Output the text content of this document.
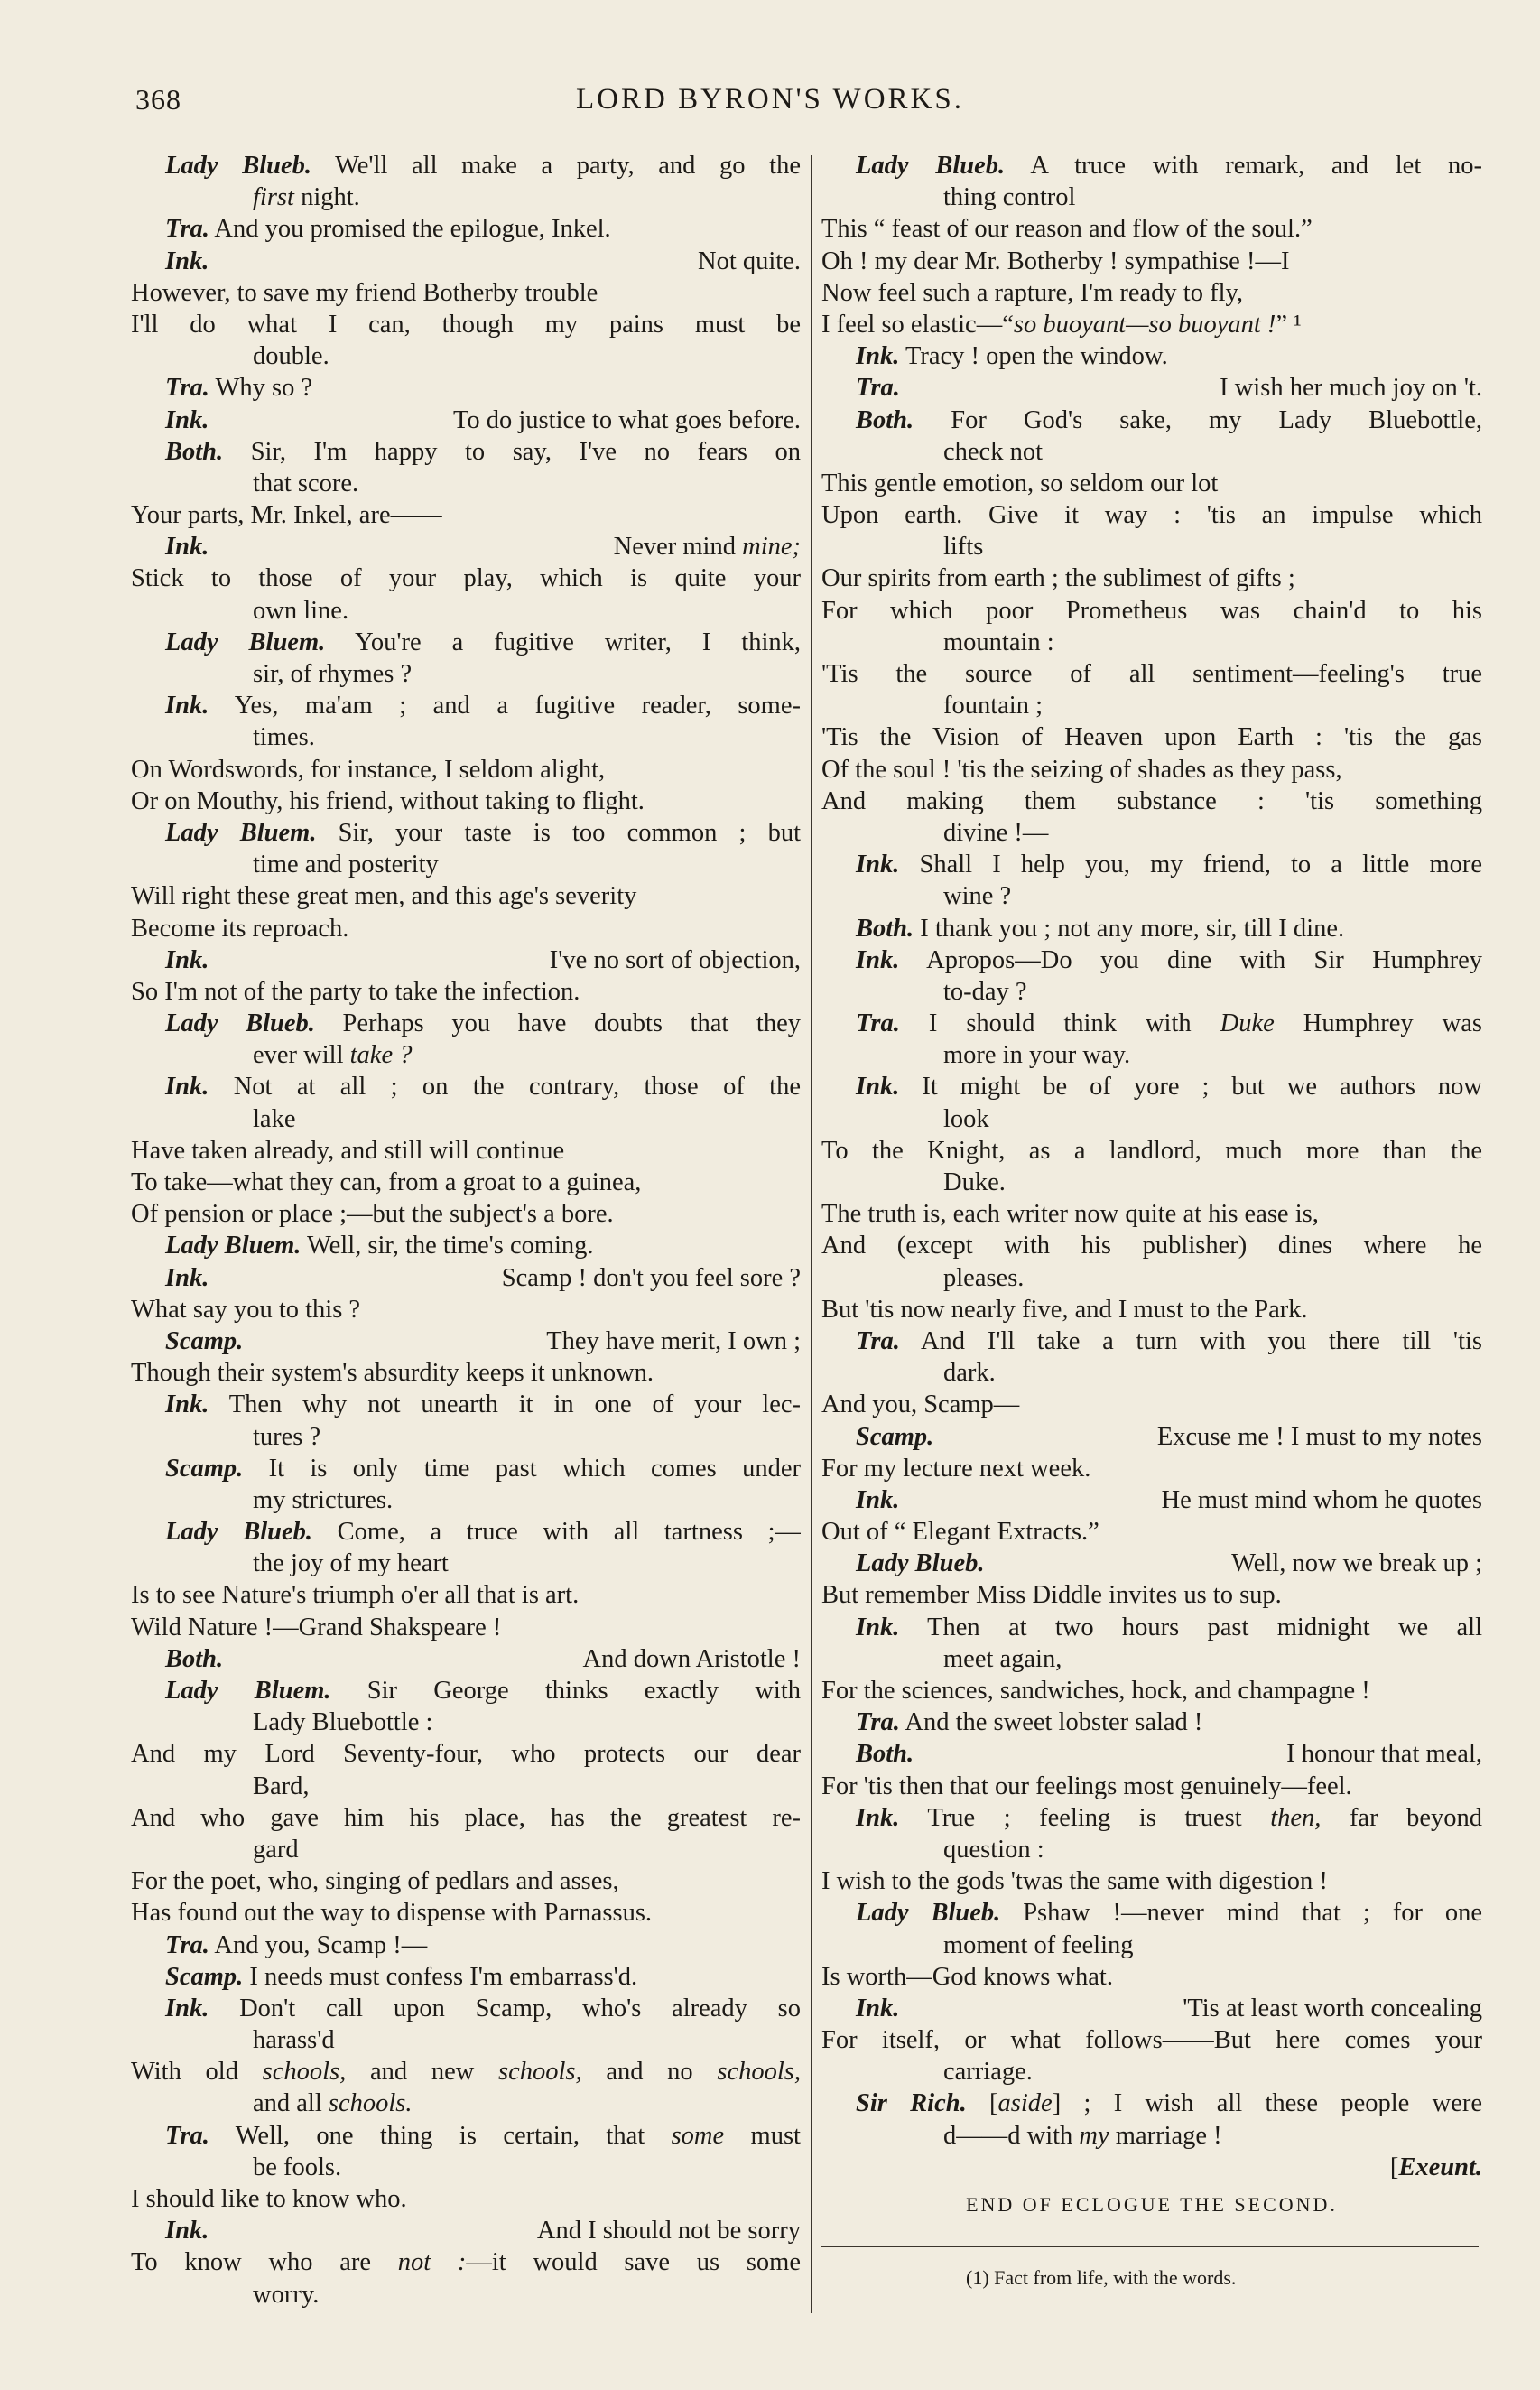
368	LORD BYRON'S WORKS.
Lady Blueb. We'll all make a party, and go the
first night.
Tra. And you promised the epilogue, Inkel.
Not quite.
Ink.
However, to save my friend Botherby trouble
I'll do what I can, though my pains must be
double.
Tra. Why so ?
To do justice to what goes before.
Ink.
Both. Sir, I'm happy to say, I've no fears on
that score.
Your parts, Mr. Inkel, are——
Never mind mine;
Ink.
Stick to those of your play, which is quite your
own line.
Lady Bluem. You're a fugitive writer, I think,
sir, of rhymes ?
Ink. Yes, ma'am ; and a fugitive reader, some-
times.
On Wordswords, for instance, I seldom alight,
Or on Mouthy, his friend, without taking to flight.
Lady Bluem. Sir, your taste is too common ; but
time and posterity
Will right these great men, and this age's severity
Become its reproach.
I've no sort of objection,
Ink.
So I'm not of the party to take the infection.
Lady Blueb. Perhaps you have doubts that they
ever will take ?
Ink. Not at all ; on the contrary, those of the
lake
Have taken already, and still will continue
To take—what they can, from a groat to a guinea,
Of pension or place ;—but the subject's a bore.
Lady Bluem. Well, sir, the time's coming.
Scamp ! don't you feel sore ?
Ink.
What say you to this ?
They have merit, I own ;
Scamp.
Though their system's absurdity keeps it unknown.
Ink. Then why not unearth it in one of your lec-
tures ?
Scamp. It is only time past which comes under
my strictures.
Lady Blueb. Come, a truce with all tartness ;—
the joy of my heart
Is to see Nature's triumph o'er all that is art.
Wild Nature !—Grand Shakspeare !
And down Aristotle !
Both.
Lady Bluem. Sir George thinks exactly with
Lady Bluebottle :
And my Lord Seventy-four, who protects our dear
Bard,
And who gave him his place, has the greatest re-
gard
For the poet, who, singing of pedlars and asses,
Has found out the way to dispense with Parnassus.
Tra. And you, Scamp !—
Scamp. I needs must confess I'm embarrass'd.
Ink. Don't call upon Scamp, who's already so
harass'd
With old schools, and new schools, and no schools,
and all schools.
Tra. Well, one thing is certain, that some must
be fools.
I should like to know who.
And I should not be sorry
Ink.
To know who are not :—it would save us some
worry.
Lady Blueb. A truce with remark, and let no-
thing control
This “ feast of our reason and flow of the soul.”
Oh ! my dear Mr. Botherby ! sympathise !—I
Now feel such a rapture, I'm ready to fly,
I feel so elastic—“so buoyant—so buoyant !” ¹
Ink. Tracy ! open the window.
I wish her much joy on 't.
Tra.
Both. For God's sake, my Lady Bluebottle,
check not
This gentle emotion, so seldom our lot
Upon earth. Give it way : 'tis an impulse which
lifts
Our spirits from earth ; the sublimest of gifts ;
For which poor Prometheus was chain'd to his
mountain :
'Tis the source of all sentiment—feeling's true
fountain ;
'Tis the Vision of Heaven upon Earth : 'tis the gas
Of the soul ! 'tis the seizing of shades as they pass,
And making them substance : 'tis something
divine !—
Ink. Shall I help you, my friend, to a little more
wine ?
Both. I thank you ; not any more, sir, till I dine.
Ink. Apropos—Do you dine with Sir Humphrey
to-day ?
Tra. I should think with Duke Humphrey was
more in your way.
Ink. It might be of yore ; but we authors now
look
To the Knight, as a landlord, much more than the
Duke.
The truth is, each writer now quite at his ease is,
And (except with his publisher) dines where he
pleases.
But 'tis now nearly five, and I must to the Park.
Tra. And I'll take a turn with you there till 'tis
dark.
And you, Scamp—
Excuse me ! I must to my notes
Scamp.
For my lecture next week.
He must mind whom he quotes
Ink.
Out of “ Elegant Extracts.”
Well, now we break up ;
Lady Blueb.
But remember Miss Diddle invites us to sup.
Ink. Then at two hours past midnight we all
meet again,
For the sciences, sandwiches, hock, and champagne !
Tra. And the sweet lobster salad !
I honour that meal,
Both.
For 'tis then that our feelings most genuinely—feel.
Ink. True ; feeling is truest then, far beyond
question :
I wish to the gods 'twas the same with digestion !
Lady Blueb. Pshaw !—never mind that ; for one
moment of feeling
Is worth—God knows what.
'Tis at least worth concealing
Ink.
For itself, or what follows——But here comes your
carriage.
Sir Rich. [aside] ; I wish all these people were
d——d with my marriage !
[Exeunt.
END OF ECLOGUE THE SECOND.
(1) Fact from life, with the words.
